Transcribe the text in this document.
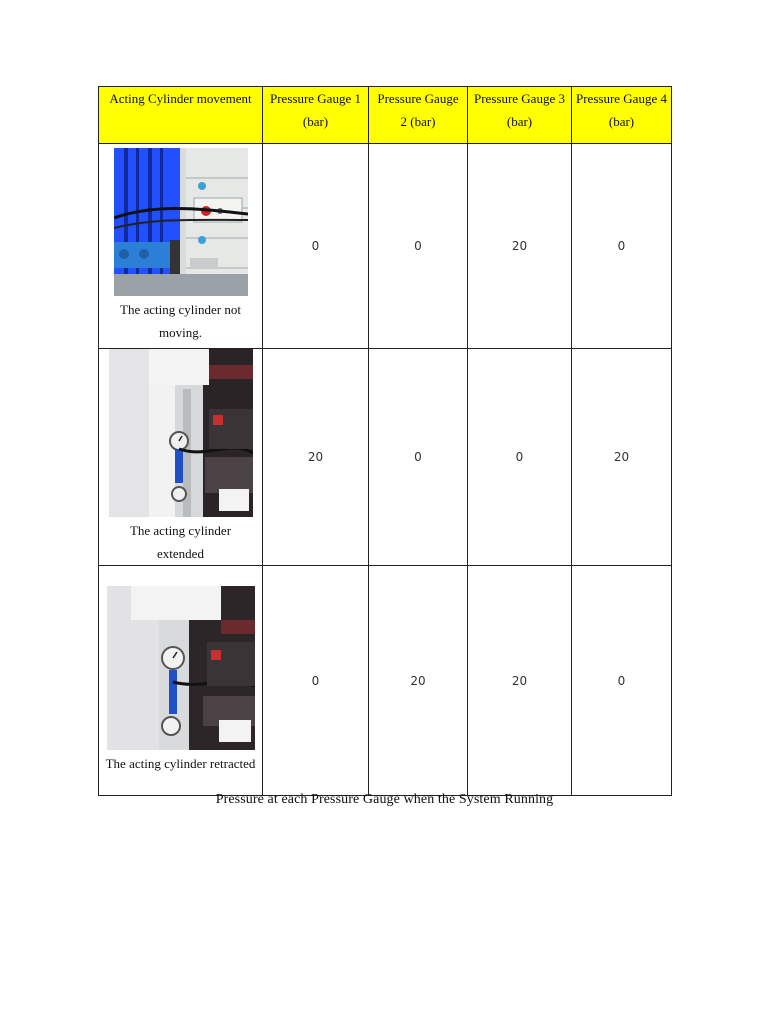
Acting Cylinder movement	Pressure Gauge 1 (bar)	Pressure Gauge 2 (bar)	Pressure Gauge 3 (bar)	Pressure Gauge 4 (bar)

The acting cylinder not moving.	0	0	20	0

The acting cylinder extended	20	0	0	20

The acting cylinder retracted	0	20	20	0
Pressure at each Pressure Gauge when the System Running
